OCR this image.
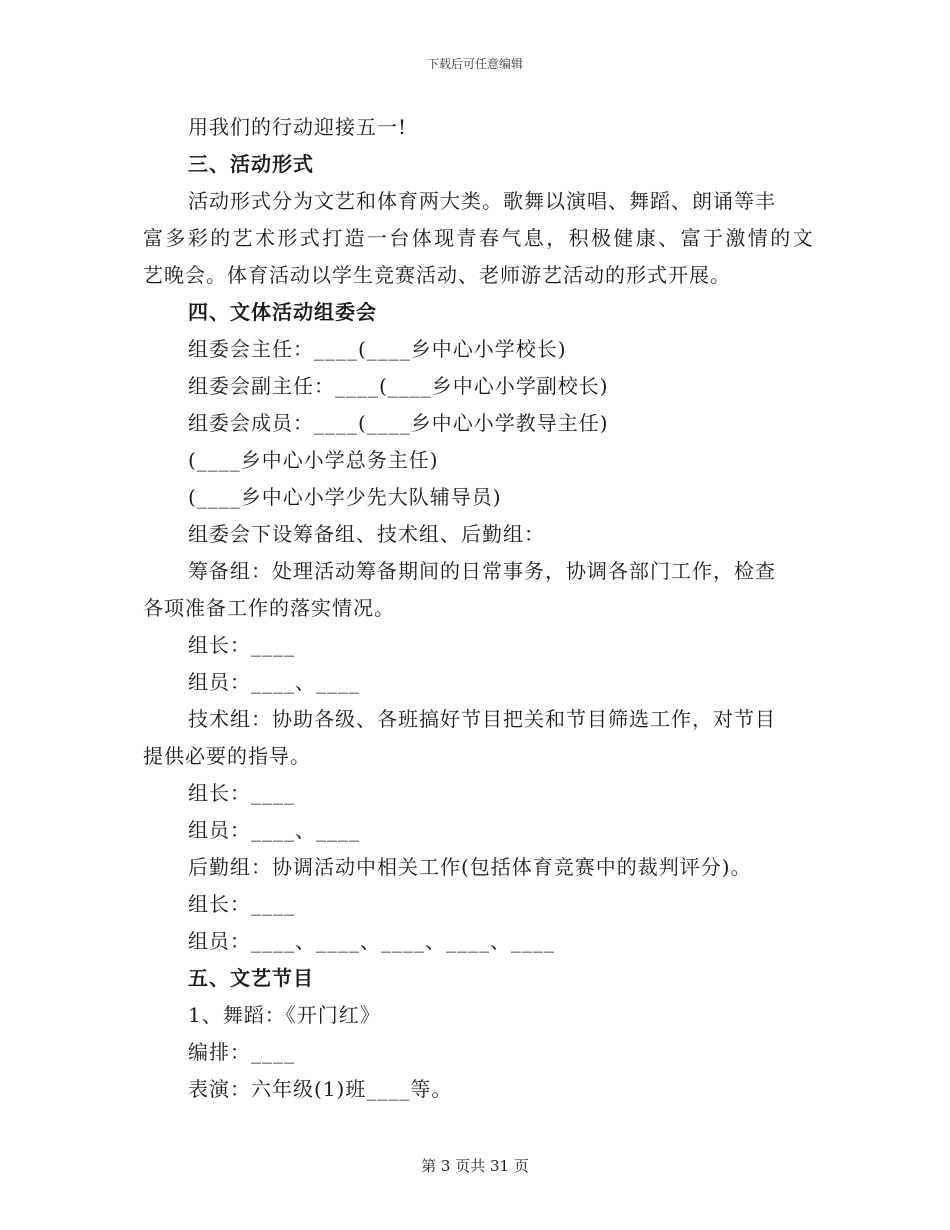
下载后可任意编辑
用我们的行动迎接五一!
三、活动形式
活动形式分为文艺和体育两大类。歌舞以演唱、舞蹈、朗诵等丰
富多彩的艺术形式打造一台体现青春气息，积极健康、富于激情的文
艺晚会。体育活动以学生竞赛活动、老师游艺活动的形式开展。
四、文体活动组委会
组委会主任：____(____乡中心小学校长)
组委会副主任：____(____乡中心小学副校长)
组委会成员：____(____乡中心小学教导主任)
(____乡中心小学总务主任)
(____乡中心小学少先大队辅导员)
组委会下设筹备组、技术组、后勤组：
筹备组：处理活动筹备期间的日常事务，协调各部门工作，检查
各项准备工作的落实情况。
组长：____
组员：____、____
技术组：协助各级、各班搞好节目把关和节目筛选工作，对节目
提供必要的指导。
组长：____
组员：____、____
后勤组：协调活动中相关工作(包括体育竞赛中的裁判评分)。
组长：____
组员：____、____、____、____、____
五、文艺节目
1、舞蹈：《开门红》
编排：____
表演：六年级(1)班____等。
第 3 页共 31 页
